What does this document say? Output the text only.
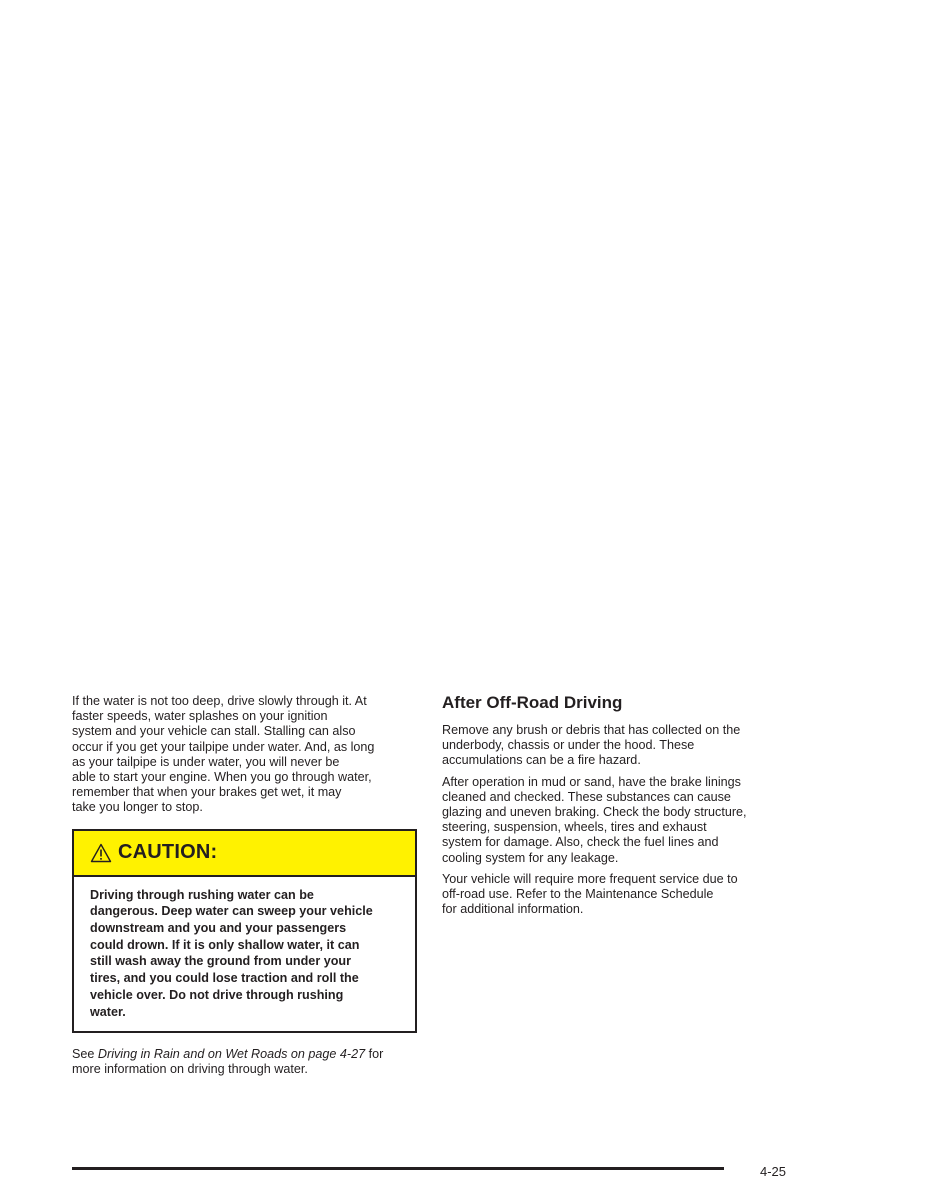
If the water is not too deep, drive slowly through it. At
faster speeds, water splashes on your ignition
system and your vehicle can stall. Stalling can also
occur if you get your tailpipe under water. And, as long
as your tailpipe is under water, you will never be
able to start your engine. When you go through water,
remember that when your brakes get wet, it may
take you longer to stop.

CAUTION:
Driving through rushing water can be
dangerous. Deep water can sweep your vehicle
downstream and you and your passengers
could drown. If it is only shallow water, it can
still wash away the ground from under your
tires, and you could lose traction and roll the
vehicle over. Do not drive through rushing
water.

See Driving in Rain and on Wet Roads on page 4-27 for
more information on driving through water.

After Off-Road Driving

Remove any brush or debris that has collected on the
underbody, chassis or under the hood. These
accumulations can be a fire hazard.

After operation in mud or sand, have the brake linings
cleaned and checked. These substances can cause
glazing and uneven braking. Check the body structure,
steering, suspension, wheels, tires and exhaust
system for damage. Also, check the fuel lines and
cooling system for any leakage.

Your vehicle will require more frequent service due to
off-road use. Refer to the Maintenance Schedule
for additional information.

4-25
